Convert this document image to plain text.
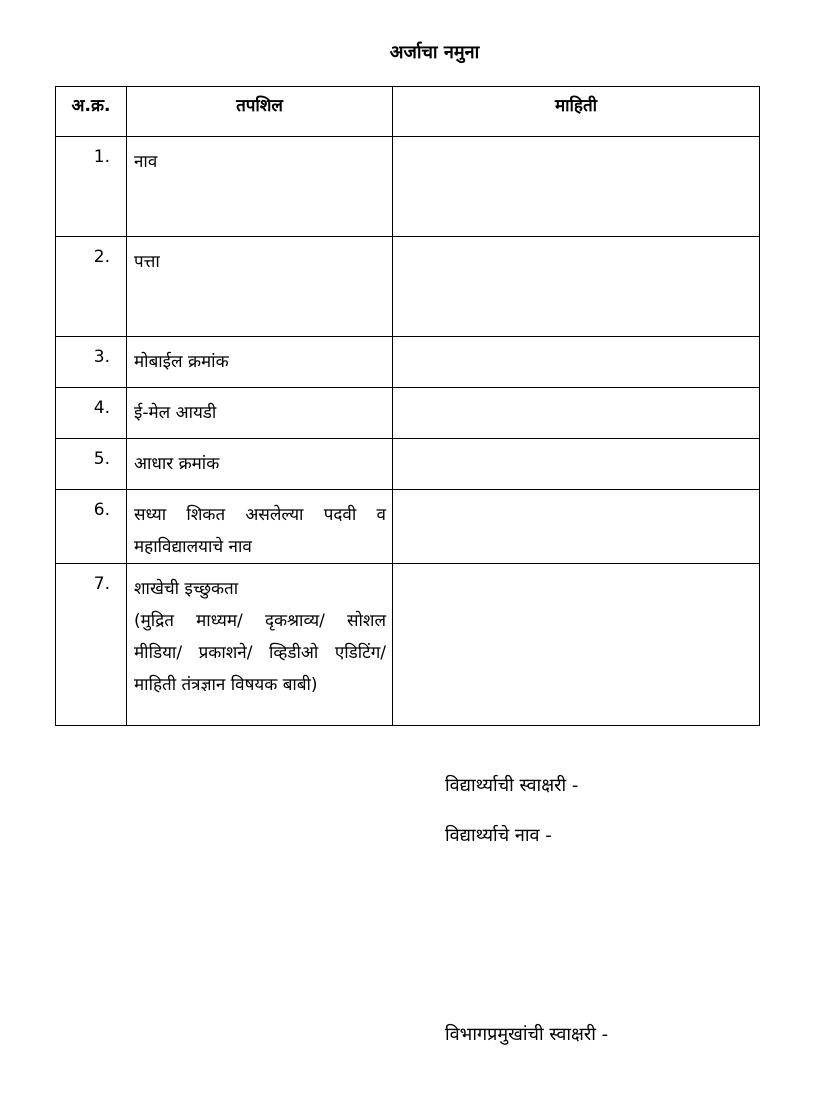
अर्जाचा नमुना
अ.क्र.	तपशिल	माहिती
1.	नाव	
2.	पत्ता	
3.	मोबाईल क्रमांक	
4.	ई-मेल आयडी	
5.	आधार क्रमांक	
6.	सध्या शिकत असलेल्या पदवी व महाविद्यालयाचे नाव	
7.	शाखेची इच्छुकता

(मुद्रित माध्यम/ दृकश्राव्य/ सोशल मीडिया/ प्रकाशने/ व्हिडीओ एडिटिंग/ माहिती तंत्रज्ञान विषयक बाबी)	

विद्यार्थ्याची स्वाक्षरी -

विद्यार्थ्याचे नाव -

विभागप्रमुखांची स्वाक्षरी -
